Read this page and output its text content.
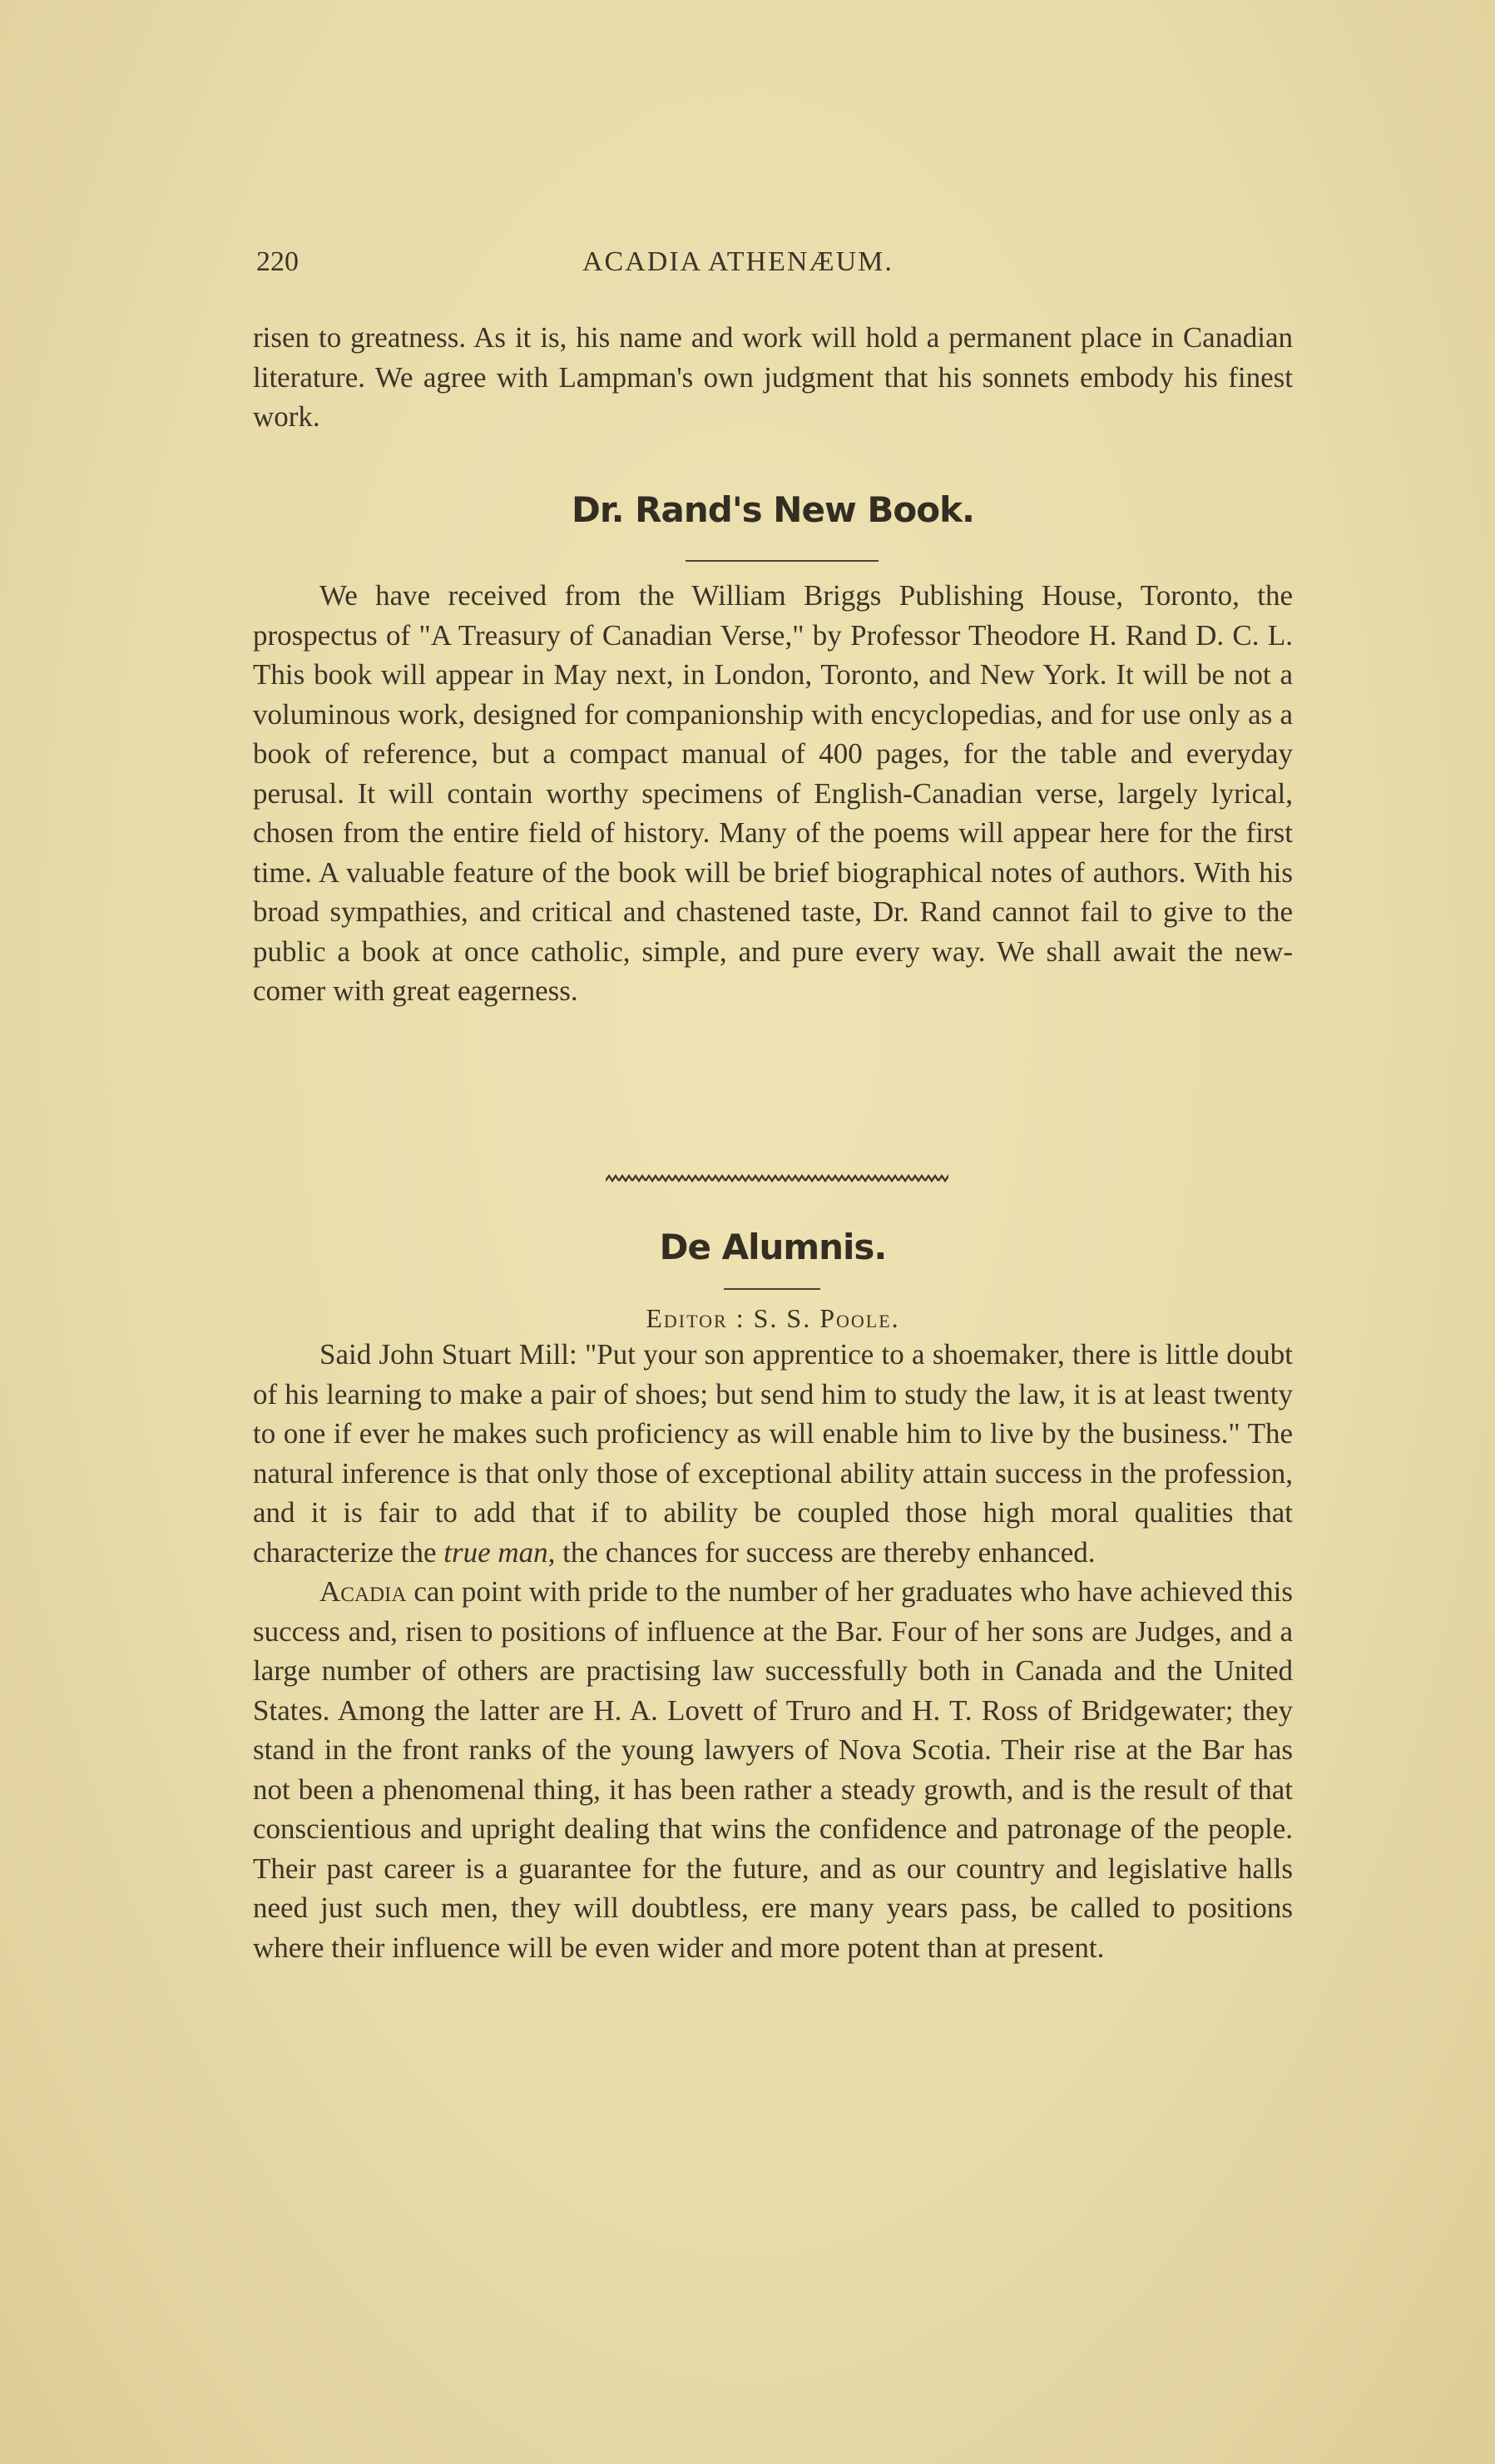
220	ACADIA ATHENÆUM.

risen to greatness. As it is, his name and work will hold a permanent place in Canadian literature. We agree with Lampman's own judgment that his sonnets embody his finest work.

Dr. Rand's New Book.

We have received from the William Briggs Publishing House, Toronto, the prospectus of "A Treasury of Canadian Verse," by Professor Theodore H. Rand D. C. L. This book will appear in May next, in London, Toronto, and New York. It will be not a voluminous work, designed for companionship with encyclopedias, and for use only as a book of reference, but a compact manual of 400 pages, for the table and everyday perusal. It will contain worthy specimens of English-Canadian verse, largely lyrical, chosen from the entire field of history. Many of the poems will appear here for the first time. A valuable feature of the book will be brief biographical notes of authors. With his broad sympathies, and critical and chastened taste, Dr. Rand cannot fail to give to the public a book at once catholic, simple, and pure every way. We shall await the new-comer with great eagerness.

De Alumnis.
Editor : S. S. Poole.

Said John Stuart Mill: "Put your son apprentice to a shoemaker, there is little doubt of his learning to make a pair of shoes; but send him to study the law, it is at least twenty to one if ever he makes such proficiency as will enable him to live by the business." The natural inference is that only those of exceptional ability attain success in the profession, and it is fair to add that if to ability be coupled those high moral qualities that characterize the true man, the chances for success are thereby enhanced.

Acadia can point with pride to the number of her graduates who have achieved this success and, risen to positions of influence at the Bar. Four of her sons are Judges, and a large number of others are practising law successfully both in Canada and the United States. Among the latter are H. A. Lovett of Truro and H. T. Ross of Bridgewater; they stand in the front ranks of the young lawyers of Nova Scotia. Their rise at the Bar has not been a phenomenal thing, it has been rather a steady growth, and is the result of that conscientious and upright dealing that wins the confidence and patronage of the people. Their past career is a guarantee for the future, and as our country and legislative halls need just such men, they will doubtless, ere many years pass, be called to positions where their influence will be even wider and more potent than at present.
